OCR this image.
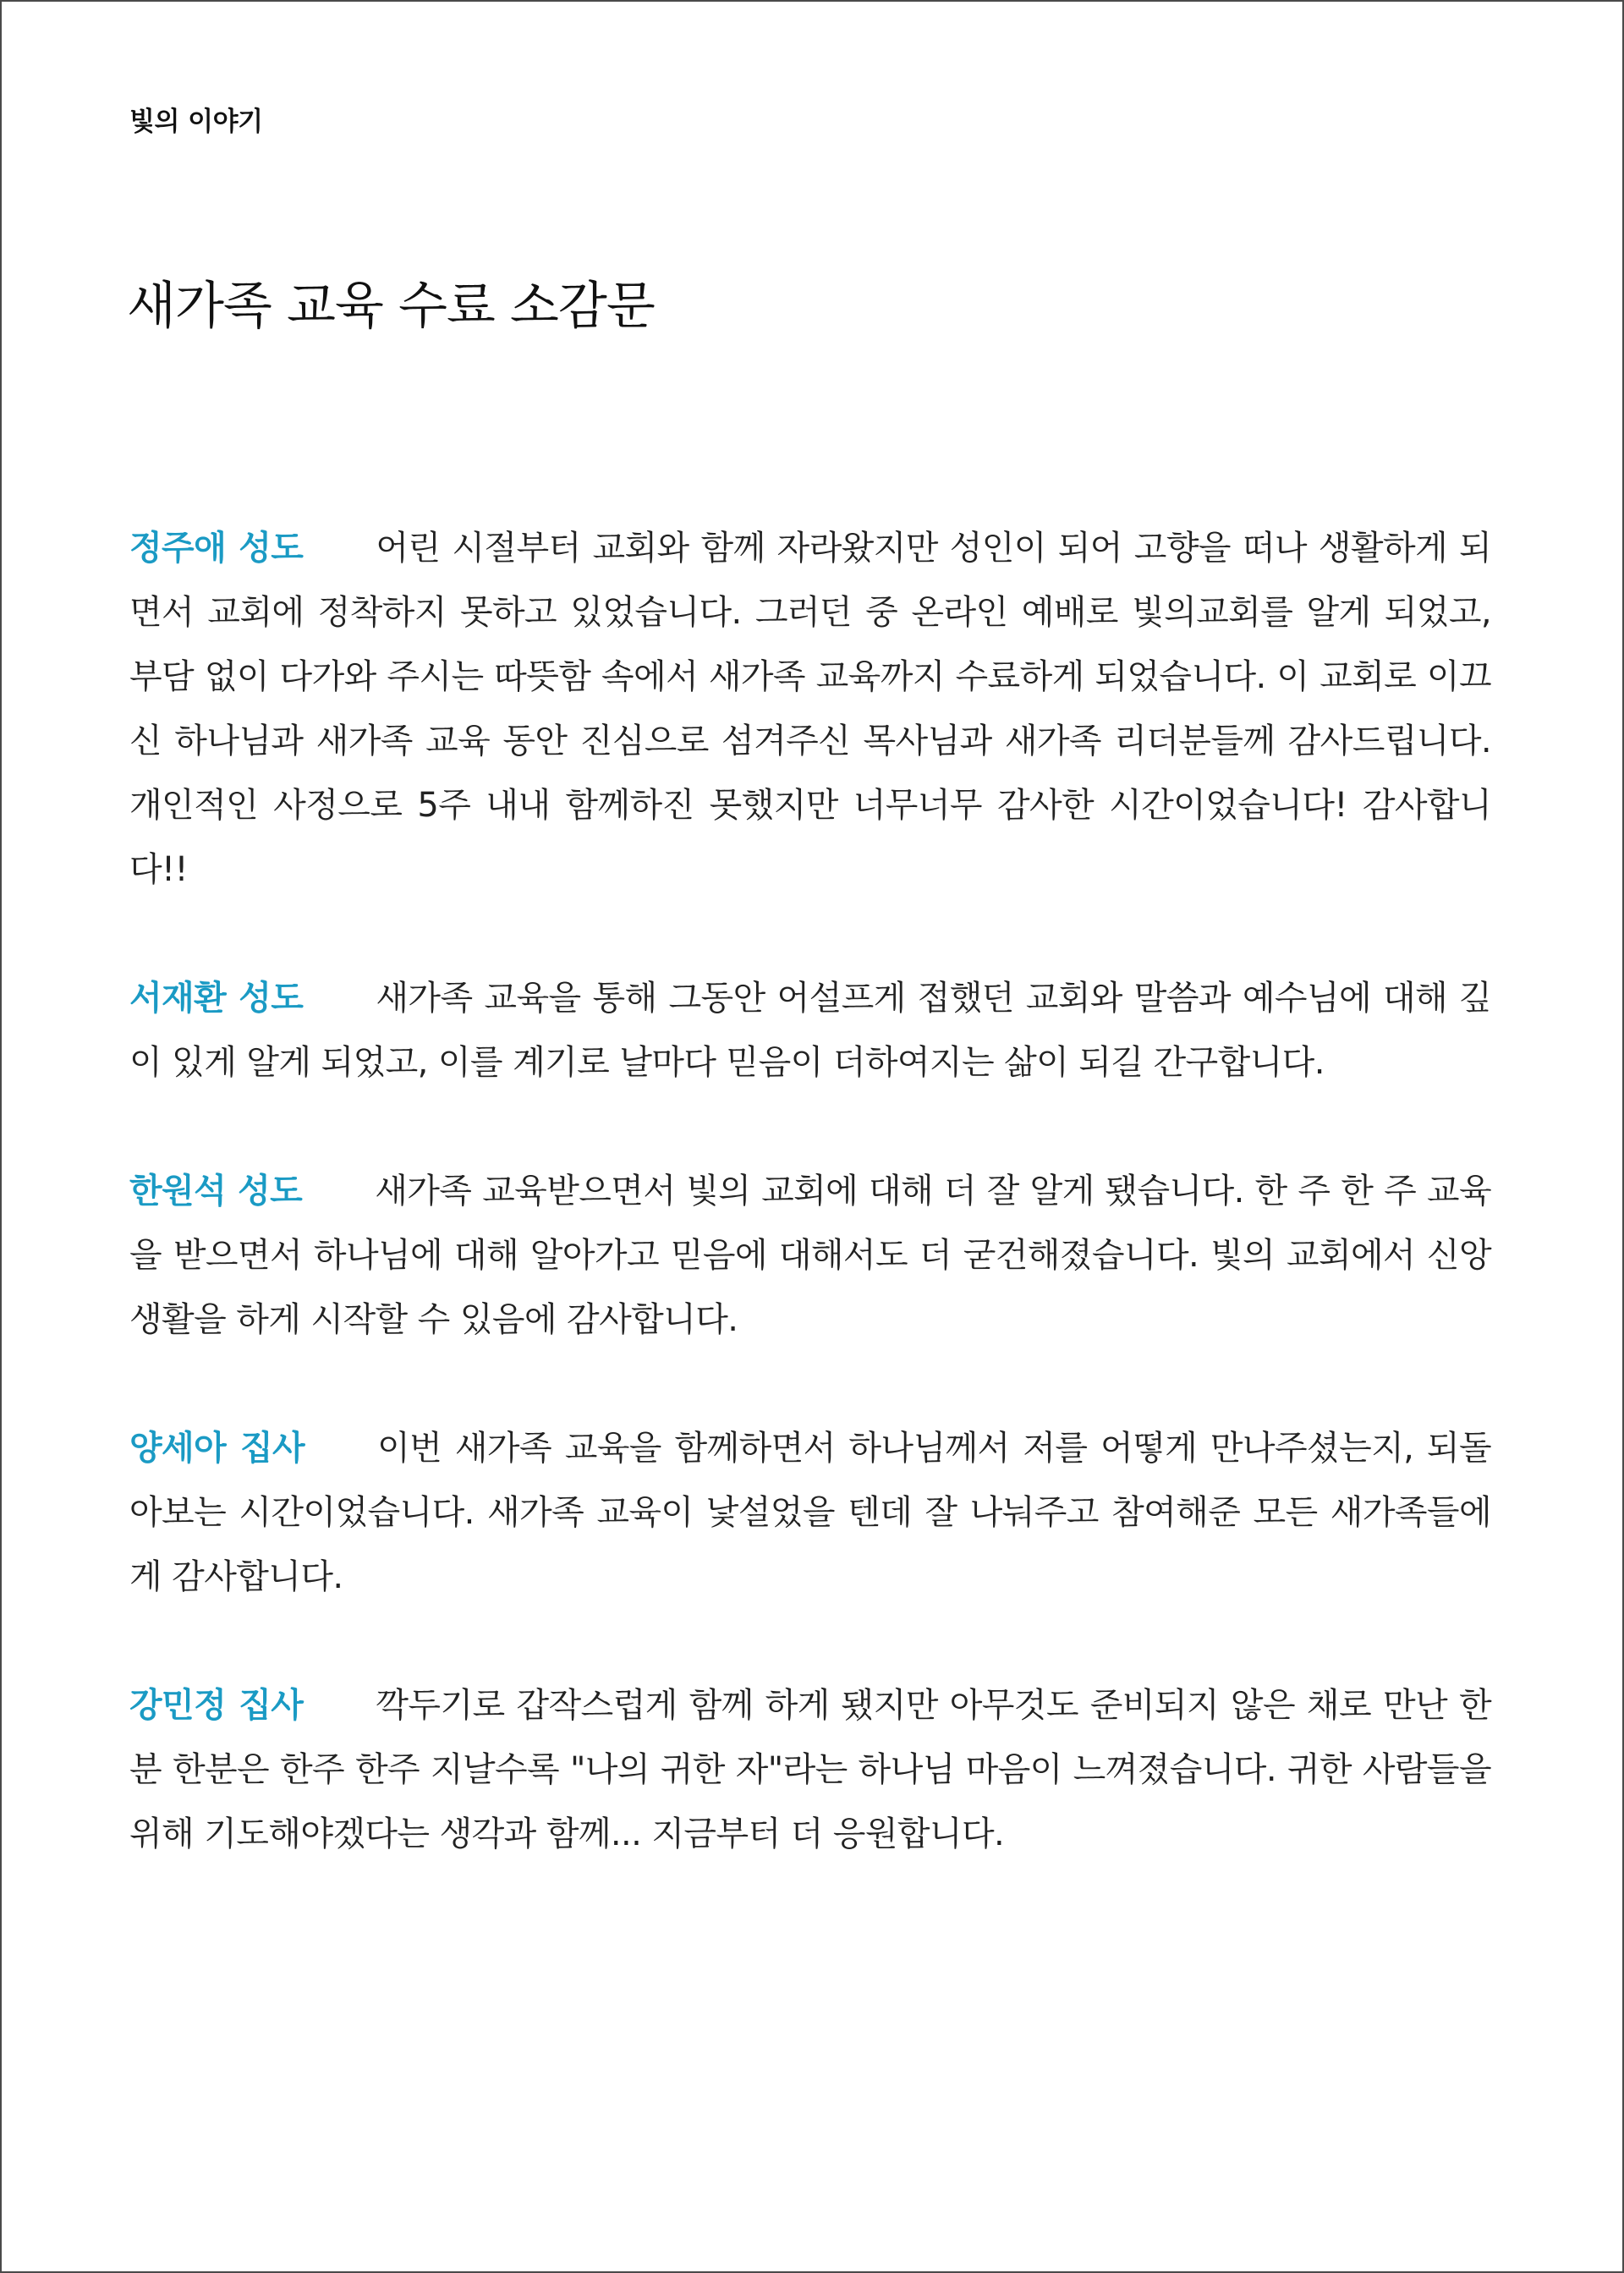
빛의 이야기
새가족 교육 수료 소감문

정주애 성도 어린 시절부터 교회와 함께 자라왔지만 성인이 되어 고향을 떠나 생활하게 되면서 교회에 정착하지 못하고 있었습니다. 그러던 중 온라인 예배로 빛의교회를 알게 되었고, 부담 없이 다가와 주시는 따뜻함 속에서 새가족 교육까지 수료하게 되었습니다. 이 교회로 이끄신 하나님과 새가족 교육 동안 진심으로 섬겨주신 목사님과 새가족 리더분들께 감사드립니다. 개인적인 사정으로 5주 내내 함께하진 못했지만 너무너무 감사한 시간이었습니다! 감사합니다!!

서재환 성도 새가족 교육을 통해 그동안 어설프게 접했던 교회와 말씀과 예수님에 대해 깊이 있게 알게 되었고, 이를 계기로 날마다 믿음이 더하여지는 삶이 되길 간구합니다.

한원석 성도 새가족 교육받으면서 빛의 교회에 대해 더 잘 알게 됐습니다. 한 주 한 주 교육을 받으면서 하나님에 대해 알아가고 믿음에 대해서도 더 굳건해졌습니다. 빛의 교회에서 신앙생활을 하게 시작할 수 있음에 감사합니다.

양세아 집사 이번 새가족 교육을 함께하면서 하나님께서 저를 어떻게 만나주셨는지, 되돌아보는 시간이었습니다. 새가족 교육이 낯설었을 텐데 잘 나눠주고 참여해준 모든 새가족들에게 감사합니다.

강민정 집사 깍두기로 갑작스럽게 함께 하게 됐지만 아무것도 준비되지 않은 채로 만난 한분 한분은 한주 한주 지날수록 "나의 귀한 자"라는 하나님 마음이 느껴졌습니다. 귀한 사람들을 위해 기도해야겠다는 생각과 함께... 지금부터 더 응원합니다.
